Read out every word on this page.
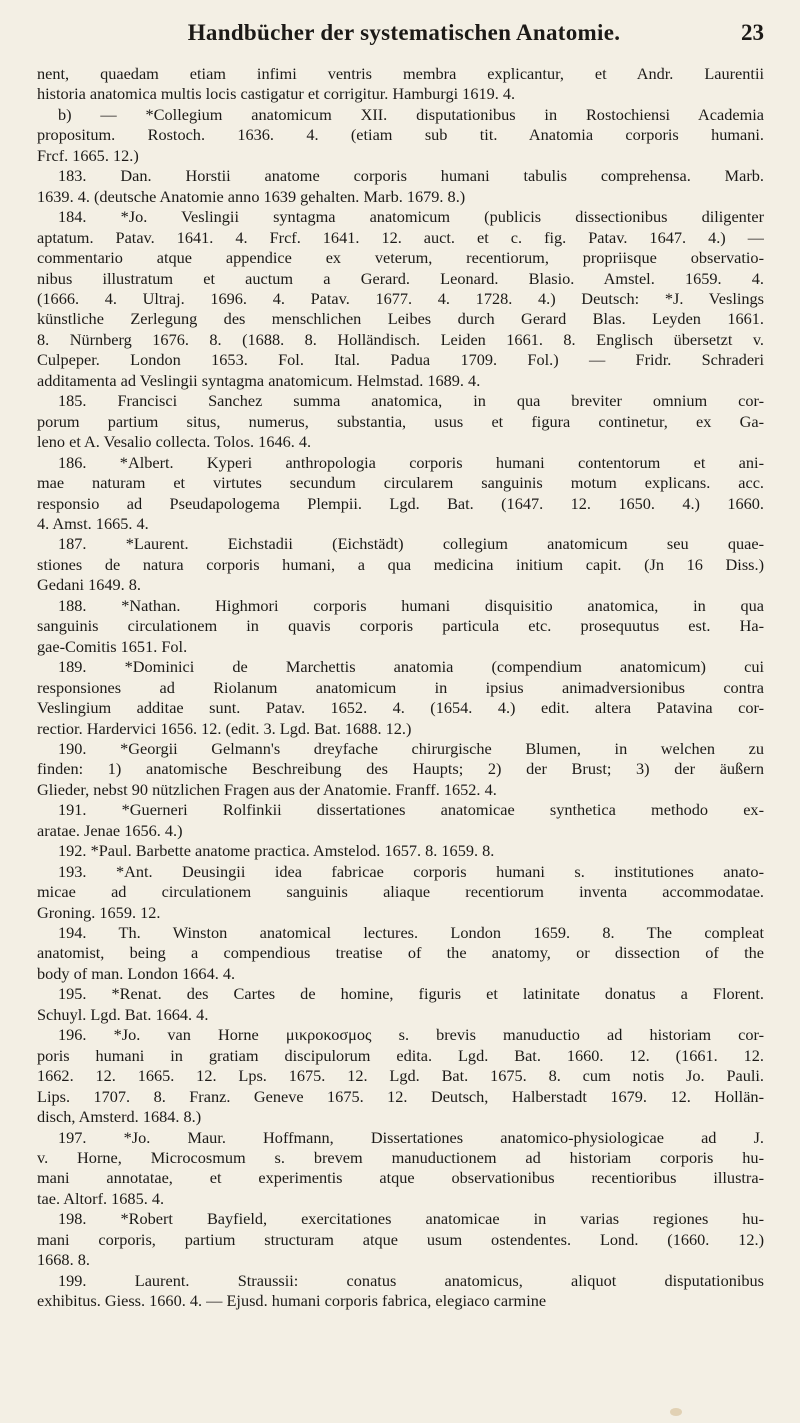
Handbücher der systematischen Anatomie.	23
nent, quaedam etiam infimi ventris membra explicantur, et Andr. Laurentii
historia anatomica multis locis castigatur et corrigitur. Hamburgi 1619. 4.
b) — *Collegium anatomicum XII. disputationibus in Rostochiensi Academia
propositum. Rostoch. 1636. 4. (etiam sub tit. Anatomia corporis humani.
Frcf. 1665. 12.)
183. Dan. Horstii anatome corporis humani tabulis comprehensa. Marb.
1639. 4. (deutsche Anatomie anno 1639 gehalten. Marb. 1679. 8.)
184. *Jo. Veslingii syntagma anatomicum (publicis dissectionibus diligenter
aptatum. Patav. 1641. 4. Frcf. 1641. 12. auct. et c. fig. Patav. 1647. 4.) —
commentario atque appendice ex veterum, recentiorum, propriisque observatio-
nibus illustratum et auctum a Gerard. Leonard. Blasio. Amstel. 1659. 4.
(1666. 4. Ultraj. 1696. 4. Patav. 1677. 4. 1728. 4.) Deutsch: *J. Veslings
künstliche Zerlegung des menschlichen Leibes durch Gerard Blas. Leyden 1661.
8. Nürnberg 1676. 8. (1688. 8. Holländisch. Leiden 1661. 8. Englisch übersetzt v.
Culpeper. London 1653. Fol. Ital. Padua 1709. Fol.) — Fridr. Schraderi
additamenta ad Veslingii syntagma anatomicum. Helmstad. 1689. 4.
185. Francisci Sanchez summa anatomica, in qua breviter omnium cor-
porum partium situs, numerus, substantia, usus et figura continetur, ex Ga-
leno et A. Vesalio collecta. Tolos. 1646. 4.
186. *Albert. Kyperi anthropologia corporis humani contentorum et ani-
mae naturam et virtutes secundum circularem sanguinis motum explicans. acc.
responsio ad Pseudapologema Plempii. Lgd. Bat. (1647. 12. 1650. 4.) 1660.
4. Amst. 1665. 4.
187. *Laurent. Eichstadii (Eichstädt) collegium anatomicum seu quae-
stiones de natura corporis humani, a qua medicina initium capit. (Jn 16 Diss.)
Gedani 1649. 8.
188. *Nathan. Highmori corporis humani disquisitio anatomica, in qua
sanguinis circulationem in quavis corporis particula etc. prosequutus est. Ha-
gae-Comitis 1651. Fol.
189. *Dominici de Marchettis anatomia (compendium anatomicum) cui
responsiones ad Riolanum anatomicum in ipsius animadversionibus contra
Veslingium additae sunt. Patav. 1652. 4. (1654. 4.) edit. altera Patavina cor-
rectior. Hardervici 1656. 12. (edit. 3. Lgd. Bat. 1688. 12.)
190. *Georgii Gelmann's dreyfache chirurgische Blumen, in welchen zu
finden: 1) anatomische Beschreibung des Haupts; 2) der Brust; 3) der äußern
Glieder, nebst 90 nützlichen Fragen aus der Anatomie. Franff. 1652. 4.
191. *Guerneri Rolfinkii dissertationes anatomicae synthetica methodo ex-
aratae. Jenae 1656. 4.)
192. *Paul. Barbette anatome practica. Amstelod. 1657. 8. 1659. 8.
193. *Ant. Deusingii idea fabricae corporis humani s. institutiones anato-
micae ad circulationem sanguinis aliaque recentiorum inventa accommodatae.
Groning. 1659. 12.
194. Th. Winston anatomical lectures. London 1659. 8. The compleat
anatomist, being a compendious treatise of the anatomy, or dissection of the
body of man. London 1664. 4.
195. *Renat. des Cartes de homine, figuris et latinitate donatus a Florent.
Schuyl. Lgd. Bat. 1664. 4.
196. *Jo. van Horne μικροκοσμος s. brevis manuductio ad historiam cor-
poris humani in gratiam discipulorum edita. Lgd. Bat. 1660. 12. (1661. 12.
1662. 12. 1665. 12. Lps. 1675. 12. Lgd. Bat. 1675. 8. cum notis Jo. Pauli.
Lips. 1707. 8. Franz. Geneve 1675. 12. Deutsch, Halberstadt 1679. 12. Hollän-
disch, Amsterd. 1684. 8.)
197. *Jo. Maur. Hoffmann, Dissertationes anatomico-physiologicae ad J.
v. Horne, Microcosmum s. brevem manuductionem ad historiam corporis hu-
mani annotatae, et experimentis atque observationibus recentioribus illustra-
tae. Altorf. 1685. 4.
198. *Robert Bayfield, exercitationes anatomicae in varias regiones hu-
mani corporis, partium structuram atque usum ostendentes. Lond. (1660. 12.)
1668. 8.
199. Laurent. Straussii: conatus anatomicus, aliquot disputationibus
exhibitus. Giess. 1660. 4. — Ejusd. humani corporis fabrica, elegiaco carmine
